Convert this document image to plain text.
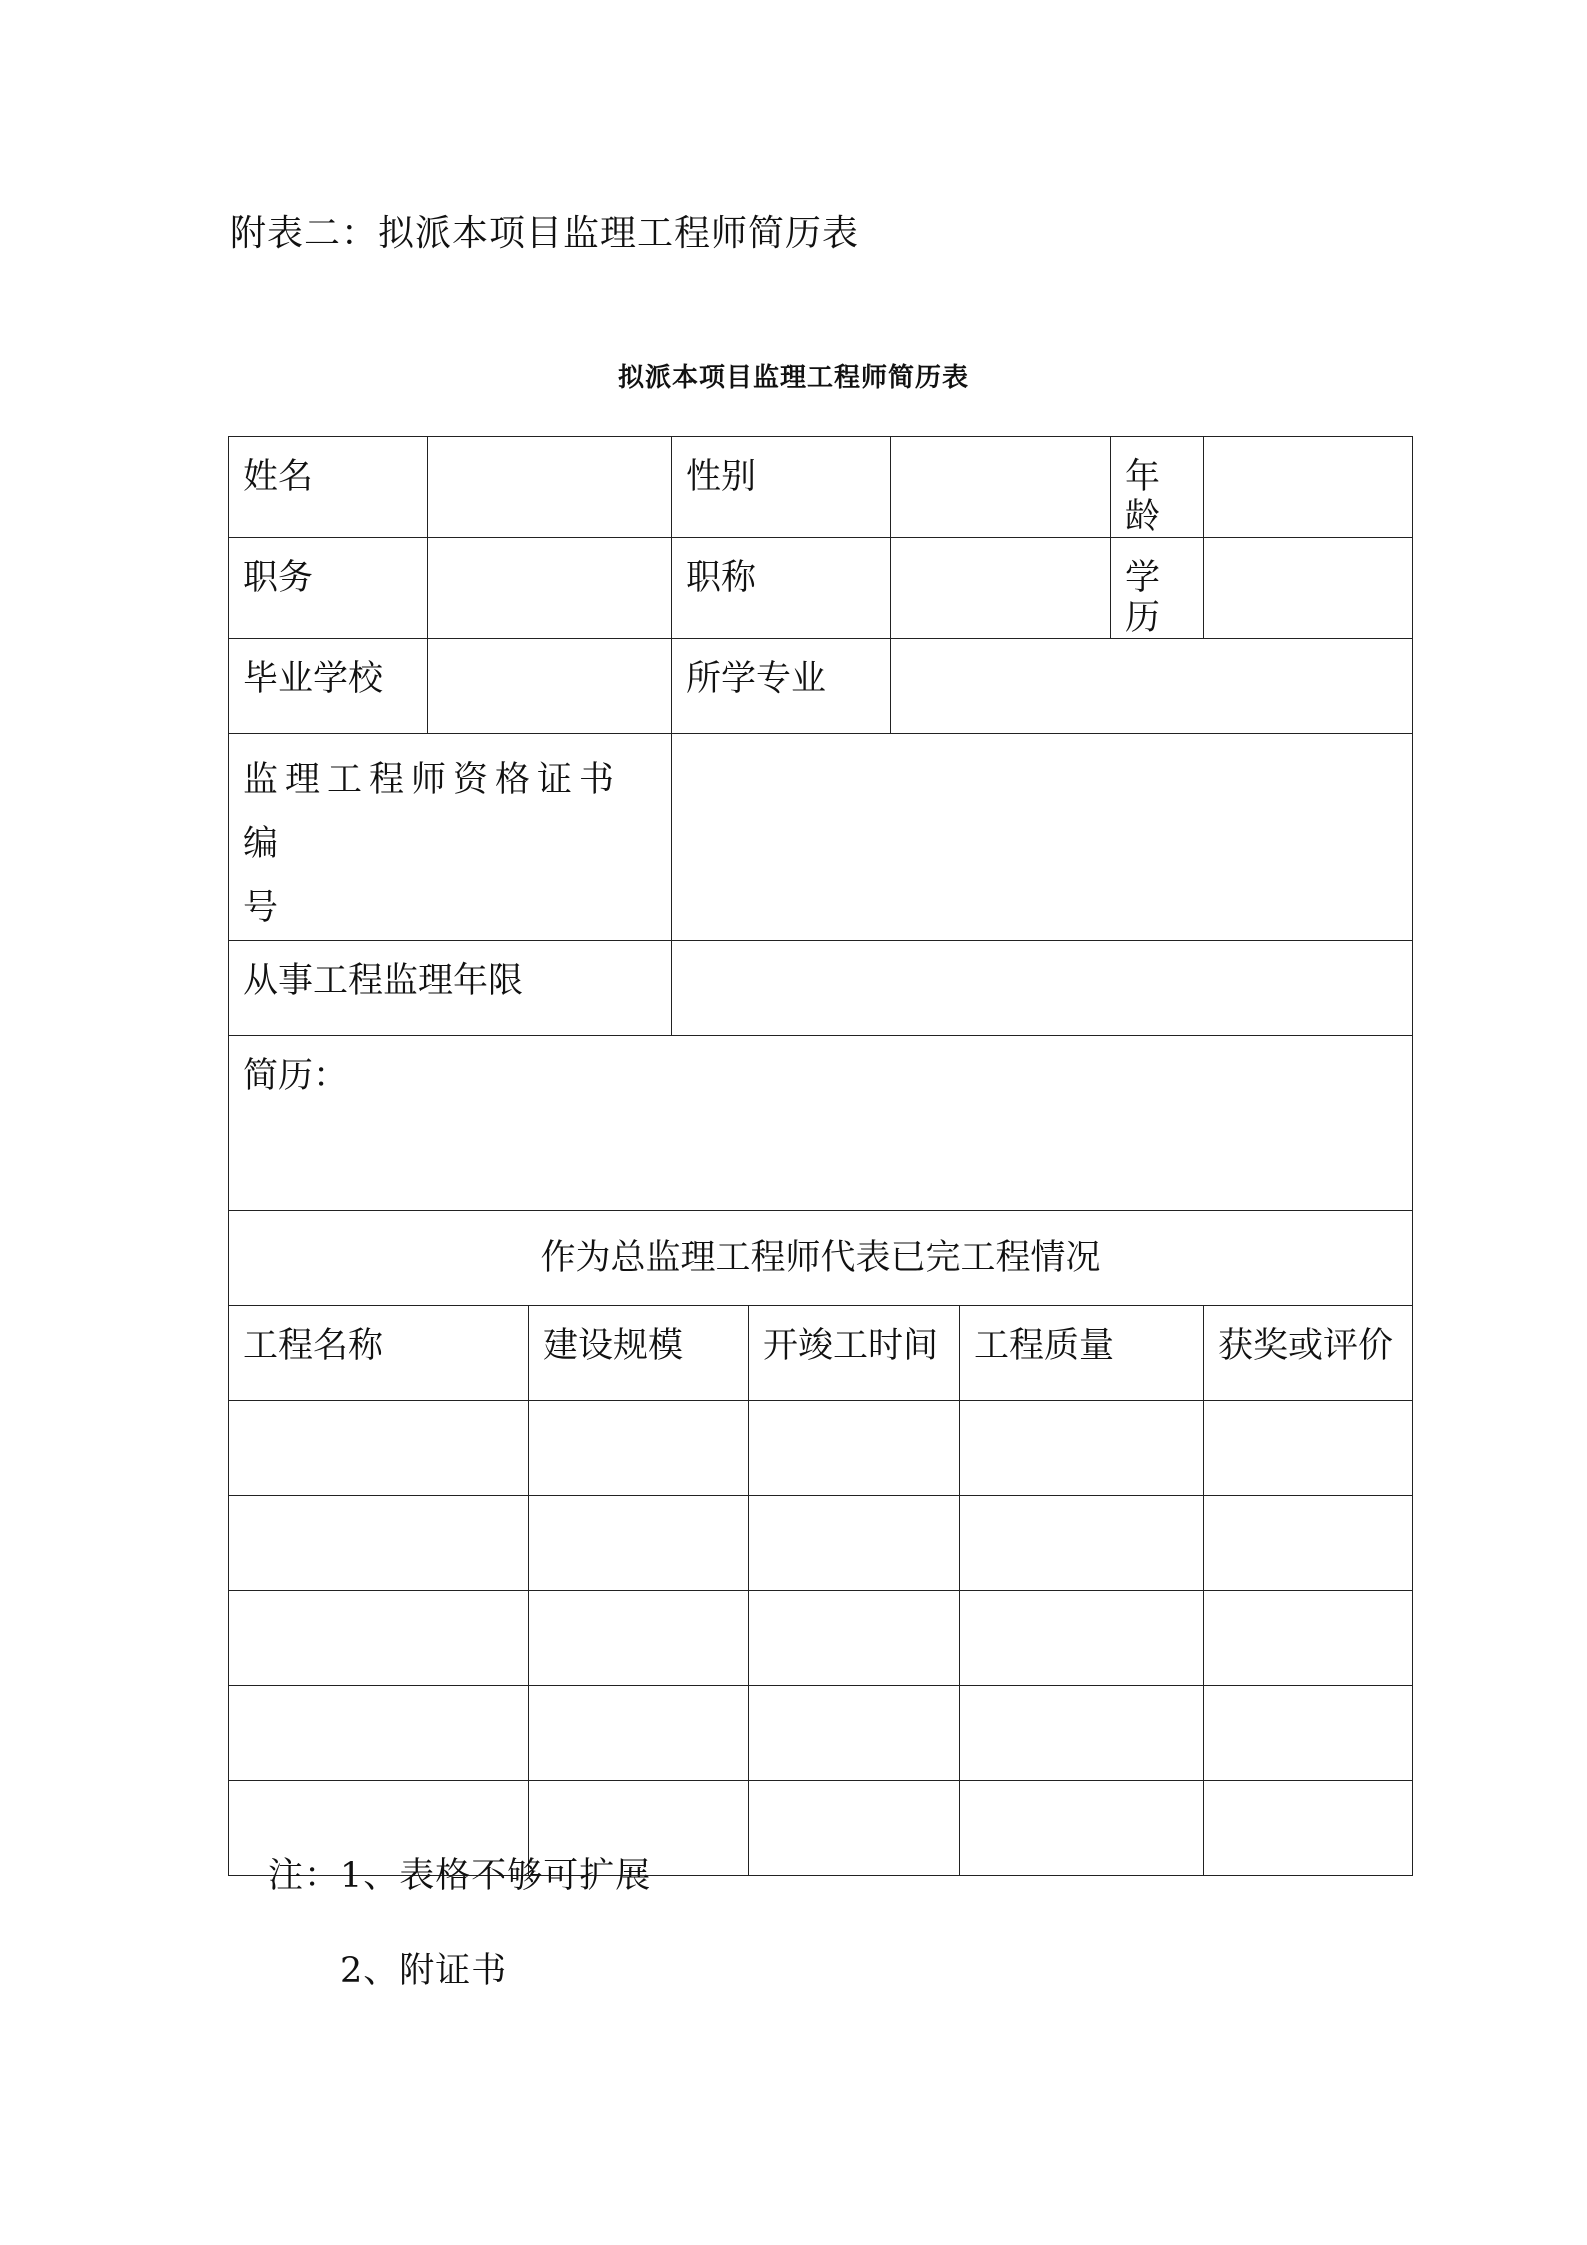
附表二：拟派本项目监理工程师简历表
拟派本项目监理工程师简历表
姓名			性别				年龄	
职务			职称				学历	
毕业学校			所学专业					
监理工程师资格证书编
号								
从事工程监理年限								
简历：								
作为总监理工程师代表已完工程情况								
工程名称		建设规模		开竣工时间		工程质量		获奖或评价

注：1、表格不够可扩展
2、附证书
